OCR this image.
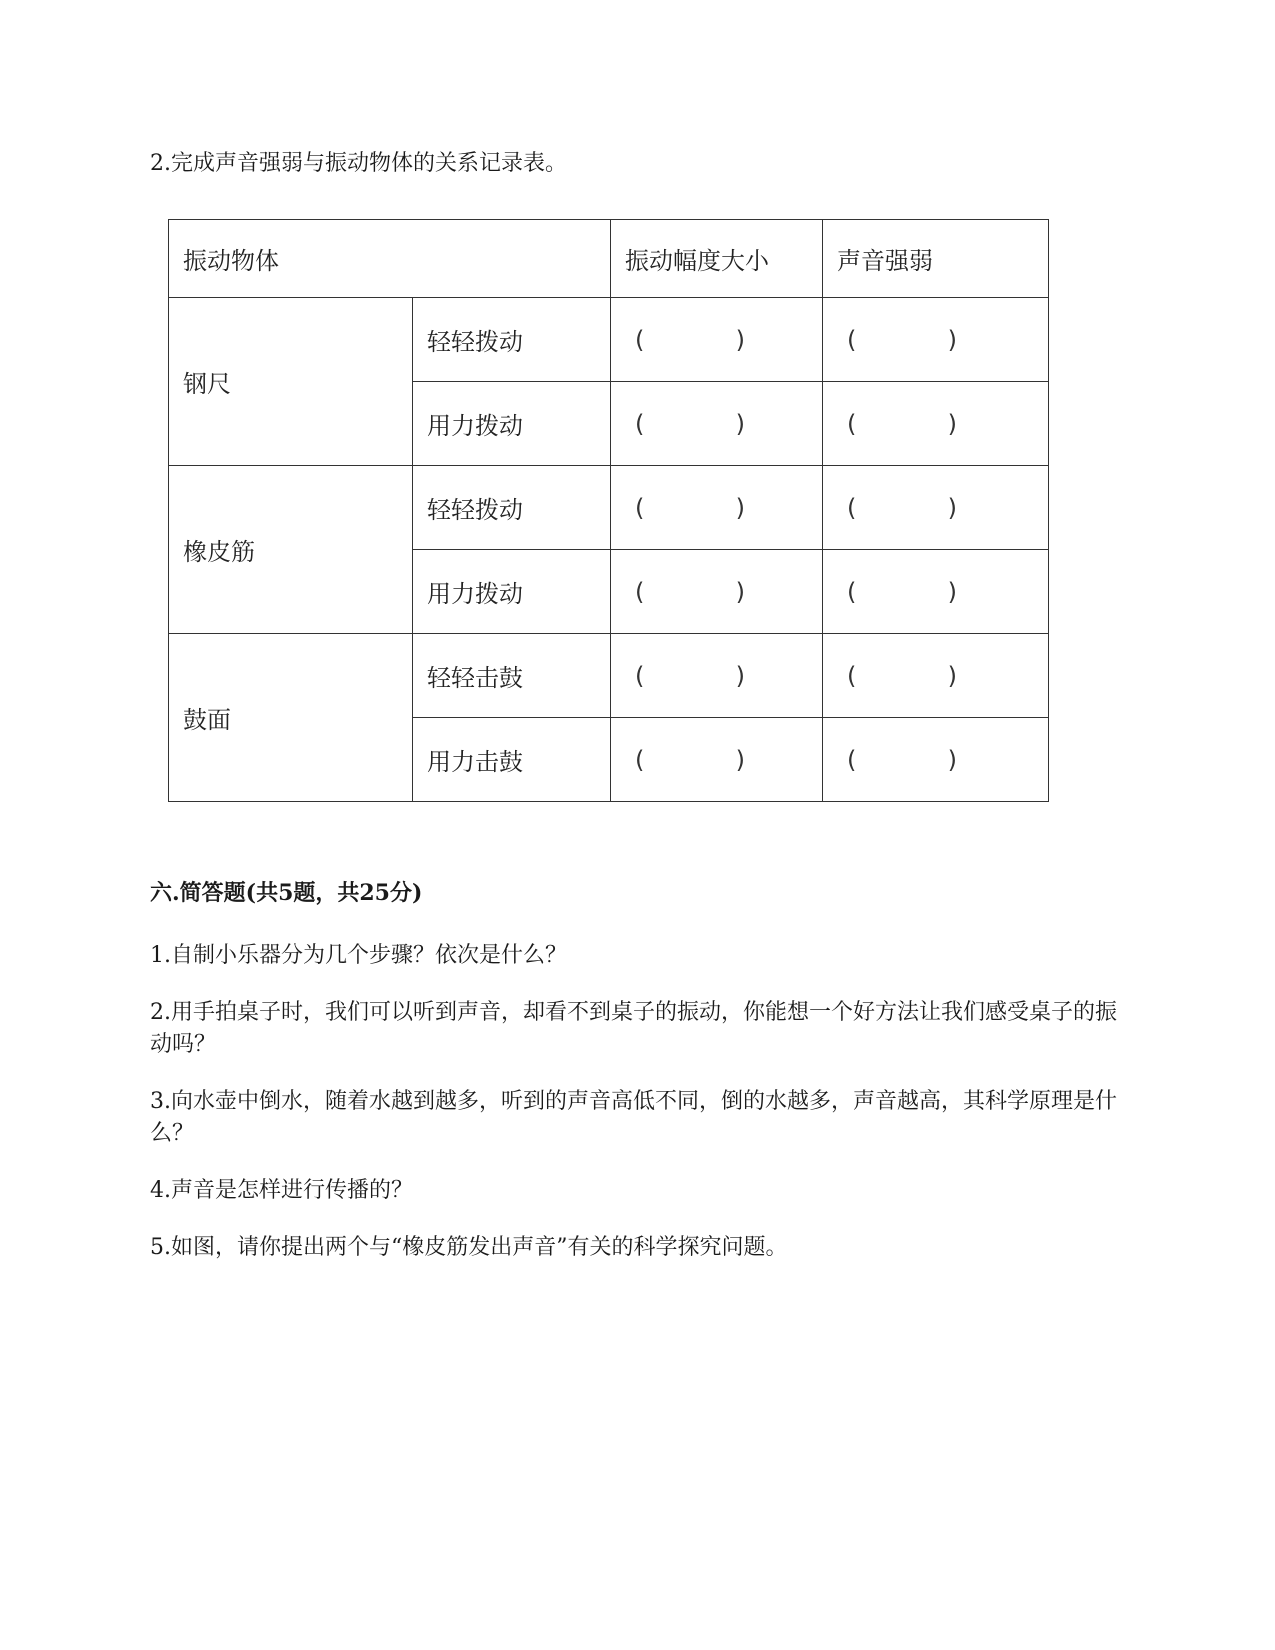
2.完成声音强弱与振动物体的关系记录表。
振动物体		振动幅度大小	声音强弱
钢尺	轻轻拨动	( )	( )

	用力拨动	( )	( )

橡皮筋	轻轻拨动	( )	( )

	用力拨动	( )	( )

鼓面	轻轻击鼓	( )	( )

	用力击鼓	( )	( )
六.简答题(共5题，共25分)
1.自制小乐器分为几个步骤？依次是什么？
2.用手拍桌子时，我们可以听到声音，却看不到桌子的振动，你能想一个好方法让我们感受桌子的振动吗？
3.向水壶中倒水，随着水越到越多，听到的声音高低不同，倒的水越多，声音越高，其科学原理是什么？
4.声音是怎样进行传播的？
5.如图，请你提出两个与“橡皮筋发出声音”有关的科学探究问题。
